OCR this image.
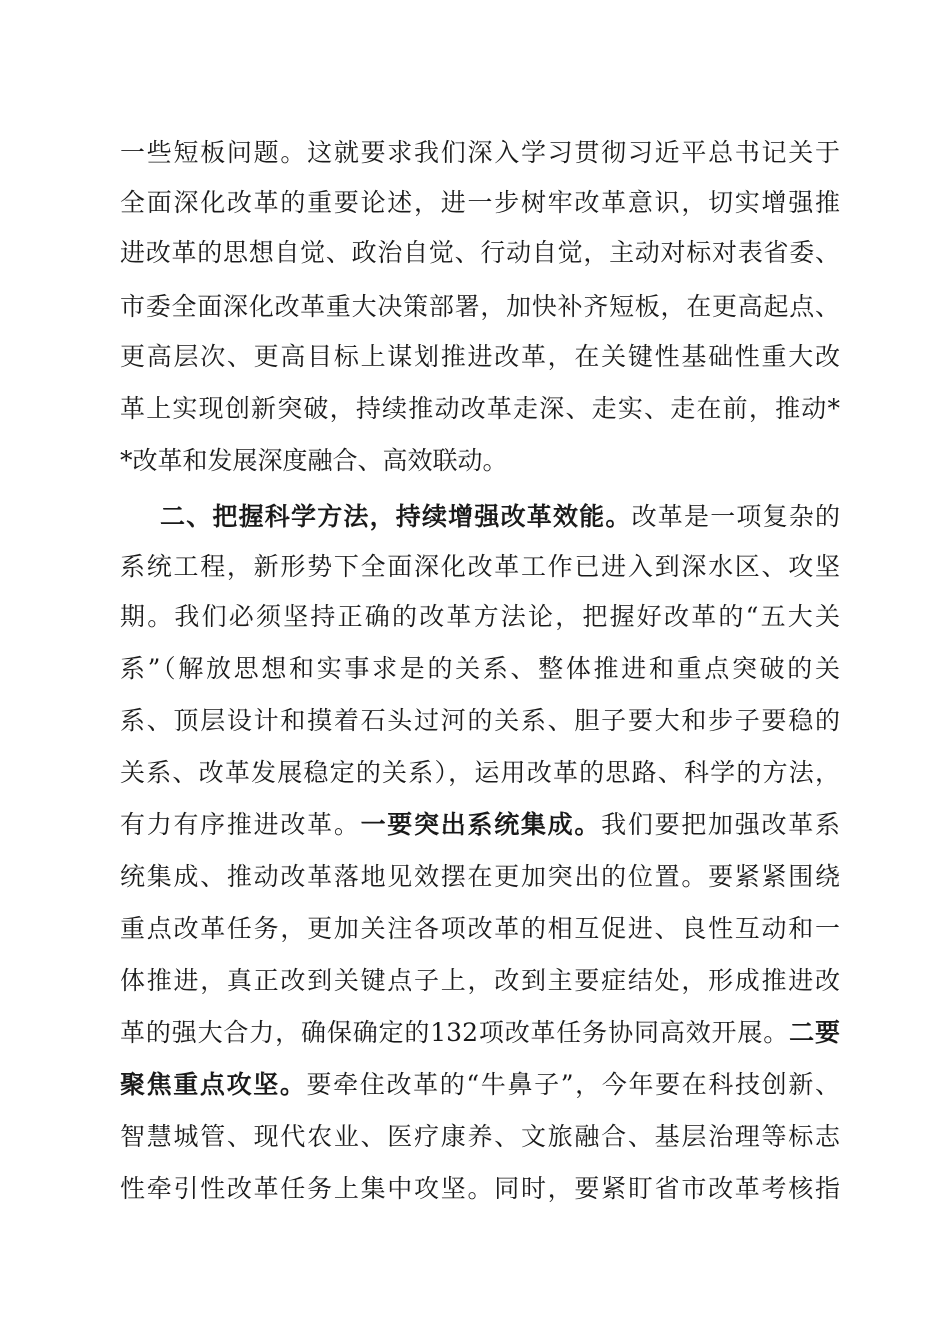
一些短板问题。这就要求我们深入学习贯彻习近平总书记关于
全面深化改革的重要论述，进一步树牢改革意识，切实增强推
进改革的思想自觉、政治自觉、行动自觉，主动对标对表省委、
市委全面深化改革重大决策部署，加快补齐短板，在更高起点、
更高层次、更高目标上谋划推进改革，在关键性基础性重大改
革上实现创新突破，持续推动改革走深、走实、走在前，推动*
*改革和发展深度融合、高效联动。
二、把握科学方法，持续增强改革效能。改革是一项复杂的
系统工程，新形势下全面深化改革工作已进入到深水区、攻坚
期。我们必须坚持正确的改革方法论，把握好改革的“五大关
系”（解放思想和实事求是的关系、整体推进和重点突破的关
系、顶层设计和摸着石头过河的关系、胆子要大和步子要稳的
关系、改革发展稳定的关系），运用改革的思路、科学的方法，
有力有序推进改革。一要突出系统集成。我们要把加强改革系
统集成、推动改革落地见效摆在更加突出的位置。要紧紧围绕
重点改革任务，更加关注各项改革的相互促进、良性互动和一
体推进，真正改到关键点子上，改到主要症结处，形成推进改
革的强大合力，确保确定的132项改革任务协同高效开展。二要
聚焦重点攻坚。要牵住改革的“牛鼻子”，今年要在科技创新、
智慧城管、现代农业、医疗康养、文旅融合、基层治理等标志
性牵引性改革任务上集中攻坚。同时，要紧盯省市改革考核指
